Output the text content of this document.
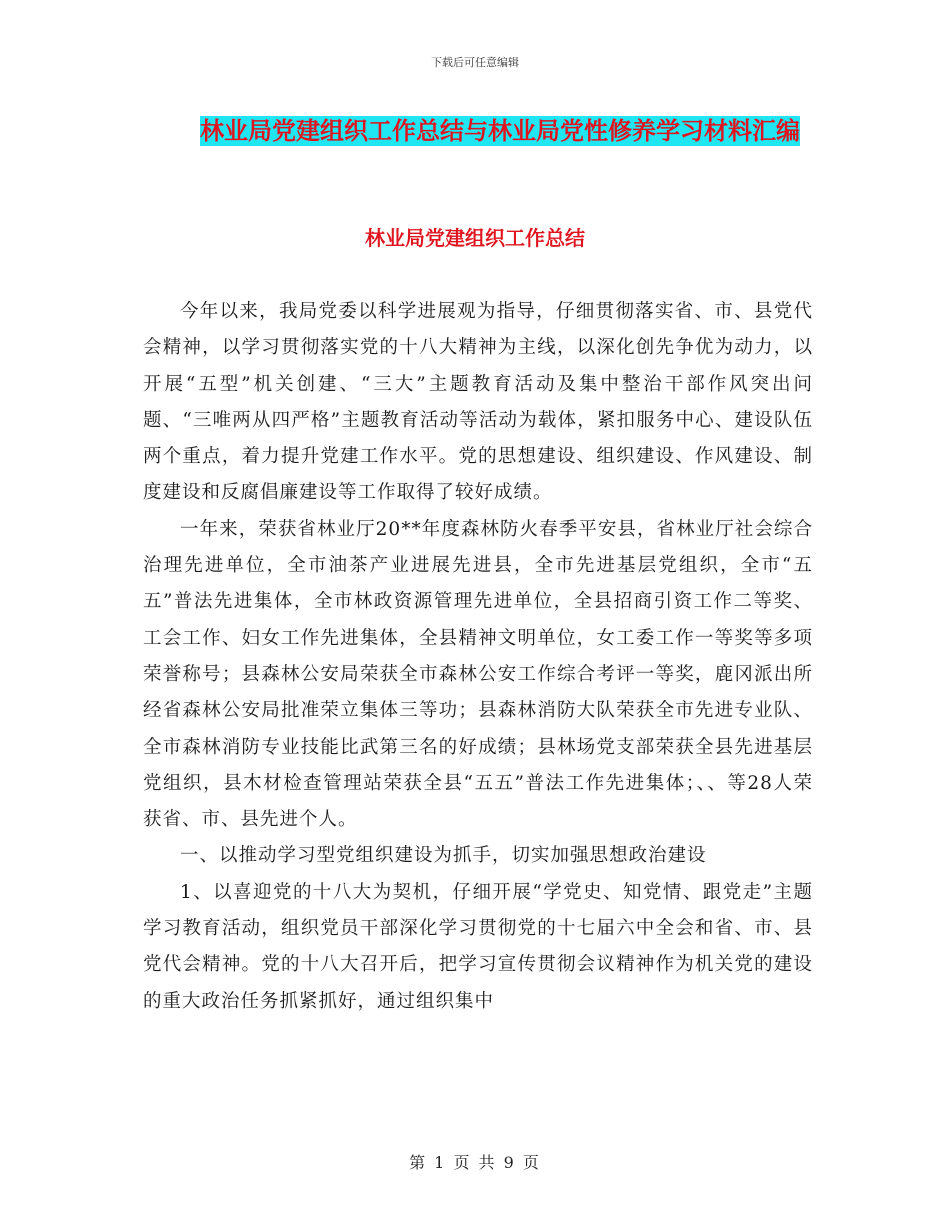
下载后可任意编辑
林业局党建组织工作总结与林业局党性修养学习材料汇编
林业局党建组织工作总结

今年以来，我局党委以科学进展观为指导，仔细贯彻落实省、市、县党代会精神，以学习贯彻落实党的十八大精神为主线，以深化创先争优为动力，以开展“五型”机关创建、“三大”主题教育活动及集中整治干部作风突出问题、“三唯两从四严格”主题教育活动等活动为载体，紧扣服务中心、建设队伍两个重点，着力提升党建工作水平。党的思想建设、组织建设、作风建设、制度建设和反腐倡廉建设等工作取得了较好成绩。

一年来，荣获省林业厅20**年度森林防火春季平安县，省林业厅社会综合治理先进单位，全市油茶产业进展先进县，全市先进基层党组织，全市“五五”普法先进集体，全市林政资源管理先进单位，全县招商引资工作二等奖、工会工作、妇女工作先进集体，全县精神文明单位，女工委工作一等奖等多项荣誉称号；县森林公安局荣获全市森林公安工作综合考评一等奖，鹿冈派出所经省森林公安局批准荣立集体三等功；县森林消防大队荣获全市先进专业队、全市森林消防专业技能比武第三名的好成绩；县林场党支部荣获全县先进基层党组织，县木材检查管理站荣获全县“五五”普法工作先进集体；、、等28人荣获省、市、县先进个人。

一、以推动学习型党组织建设为抓手，切实加强思想政治建设

1、以喜迎党的十八大为契机，仔细开展“学党史、知党情、跟党走”主题学习教育活动，组织党员干部深化学习贯彻党的十七届六中全会和省、市、县党代会精神。党的十八大召开后，把学习宣传贯彻会议精神作为机关党的建设的重大政治任务抓紧抓好，通过组织集中

第 1 页 共 9 页
